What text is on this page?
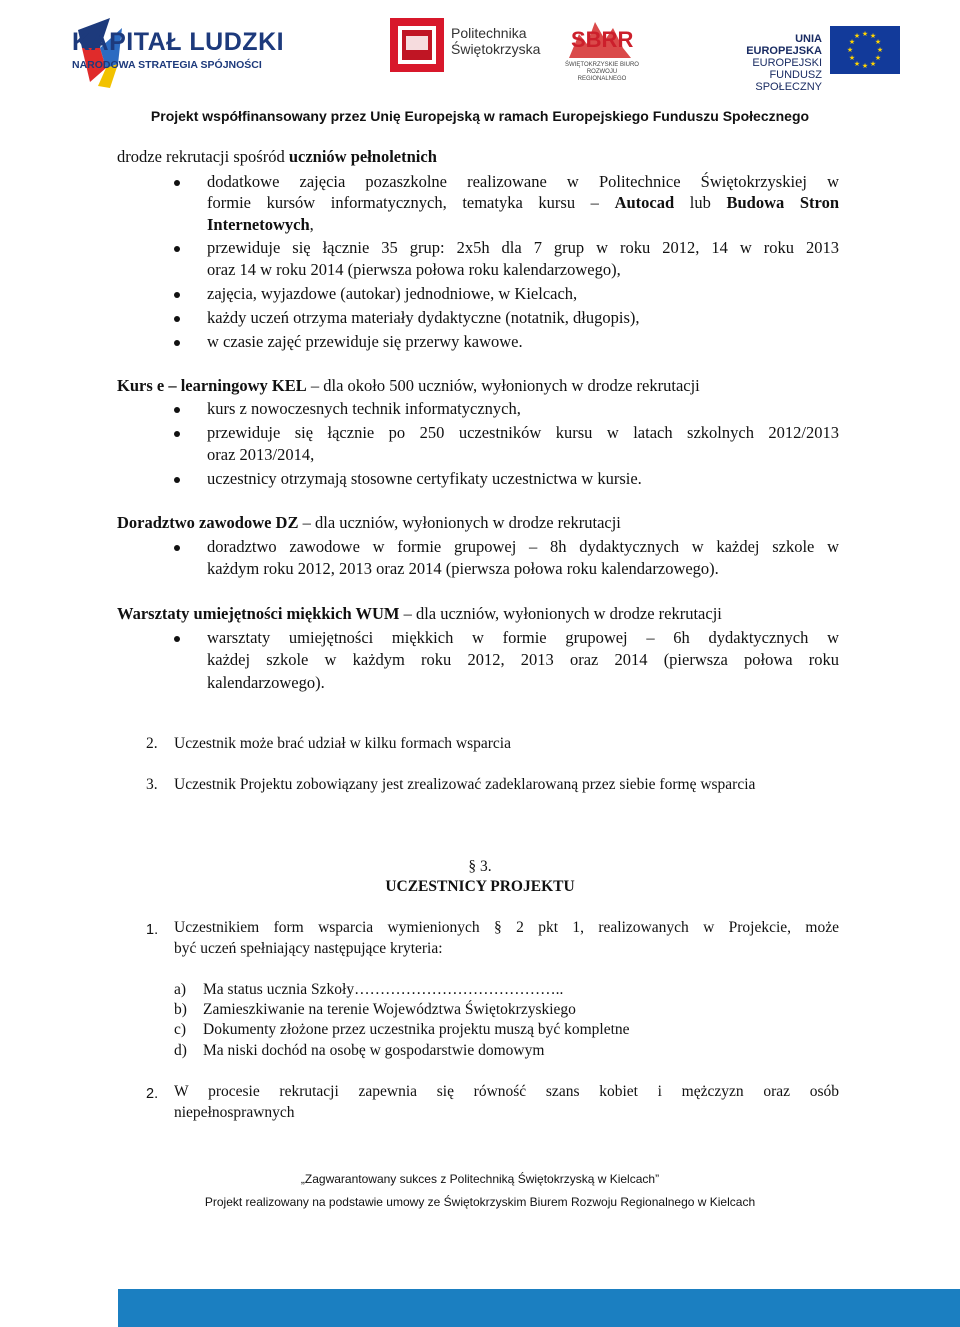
KAPITAŁ LUDZKI
NARODOWA STRATEGIA SPÓJNOŚCI
Politechnika
Świętokrzyska SBRR
ŚWIĘTOKRZYSKIE BIURO ROZWOJU REGIONALNEGO
UNIA EUROPEJSKA
EUROPEJSKI
FUNDUSZ SPOŁECZNY
★ ★
★
★
★
★
★
★
★
★
★
★
Projekt współfinansowany przez Unię Europejską w ramach Europejskiego Funduszu Społecznego
drodze rekrutacji spośród uczniów pełnoletnich
dodatkowe zajęcia pozaszkolne realizowane w Politechnice Świętokrzyskiej w
formie kursów informatycznych, tematyka kursu – Autocad lub Budowa Stron
Internetowych,
przewiduje się łącznie 35 grup: 2x5h dla 7 grup w roku 2012, 14 w roku 2013
oraz 14 w roku 2014 (pierwsza połowa roku kalendarzowego),
zajęcia, wyjazdowe (autokar) jednodniowe, w Kielcach,
każdy uczeń otrzyma materiały dydaktyczne (notatnik, długopis),
w czasie zajęć przewiduje się przerwy kawowe.
Kurs e – learningowy KEL – dla około 500 uczniów, wyłonionych w drodze rekrutacji
kurs z nowoczesnych technik informatycznych,
przewiduje się łącznie po 250 uczestników kursu w latach szkolnych 2012/2013
oraz 2013/2014,
uczestnicy otrzymają stosowne certyfikaty uczestnictwa w kursie.
Doradztwo zawodowe DZ – dla uczniów, wyłonionych w drodze rekrutacji
doradztwo zawodowe w formie grupowej – 8h dydaktycznych w każdej szkole w
każdym roku 2012, 2013 oraz 2014 (pierwsza połowa roku kalendarzowego).
Warsztaty umiejętności miękkich WUM – dla uczniów, wyłonionych w drodze rekrutacji
warsztaty umiejętności miękkich w formie grupowej – 6h dydaktycznych w
każdej szkole w każdym roku 2012, 2013 oraz 2014 (pierwsza połowa roku
kalendarzowego).
2. Uczestnik może brać udział w kilku formach wsparcia
3. Uczestnik Projektu zobowiązany jest zrealizować zadeklarowaną przez siebie formę wsparcia
§ 3.
UCZESTNICY PROJEKTU
1. Uczestnikiem form wsparcia wymienionych § 2 pkt 1, realizowanych w Projekcie, może
być uczeń spełniający następujące kryteria:
a) Ma status ucznia Szkoły…………………………………..
b) Zamieszkiwanie na terenie Województwa Świętokrzyskiego
c) Dokumenty złożone przez uczestnika projektu muszą być kompletne
d) Ma niski dochód na osobę w gospodarstwie domowym
2. W procesie rekrutacji zapewnia się równość szans kobiet i mężczyzn oraz osób
niepełnosprawnych
„Zagwarantowany sukces z Politechniką Świętokrzyską w Kielcach”
Projekt realizowany na podstawie umowy ze Świętokrzyskim Biurem Rozwoju Regionalnego w Kielcach
